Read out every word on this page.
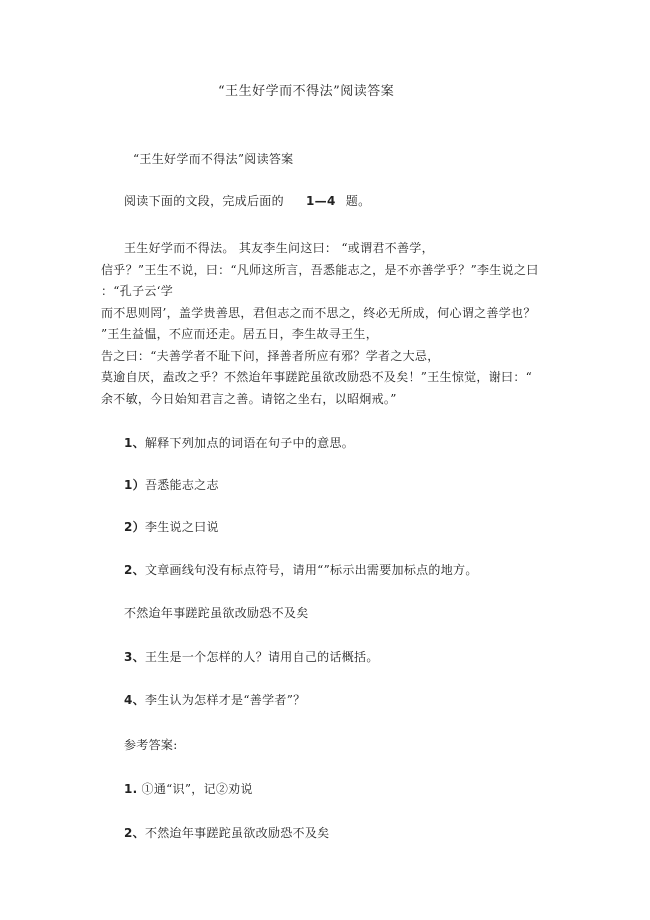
“王生好学而不得法”阅读答案
“王生好学而不得法”阅读答案
阅读下面的文段，完成后面的 1—4 题。
王生好学而不得法。 其友李生问这曰： “或谓君不善学，
信乎？”王生不说，曰：“凡师这所言，吾悉能志之，是不亦善学乎？”李生说之曰
：“孔子云‘学
而不思则罔’，盖学贵善思，君但志之而不思之，终必无所成，何心谓之善学也？
”王生益愠，不应而还走。居五日，李生故寻王生，
告之曰：“夫善学者不耻下问，择善者所应有邪？学者之大忌，
莫逾自厌，盍改之乎？不然迨年事蹉跎虽欲改励恐不及矣！”王生惊觉，谢曰：“
余不敏，今日始知君言之善。请铭之坐右，以昭炯戒。”
1、解释下列加点的词语在句子中的意思。
1）吾悉能志之志
2）李生说之曰说
2、文章画线句没有标点符号，请用“”标示出需要加标点的地方。
不然迨年事蹉跎虽欲改励恐不及矣
3、王生是一个怎样的人？请用自己的话概括。
4、李生认为怎样才是“善学者”？
参考答案:
1. ①通“识”，记②劝说
2、不然迨年事蹉跎虽欲改励恐不及矣
